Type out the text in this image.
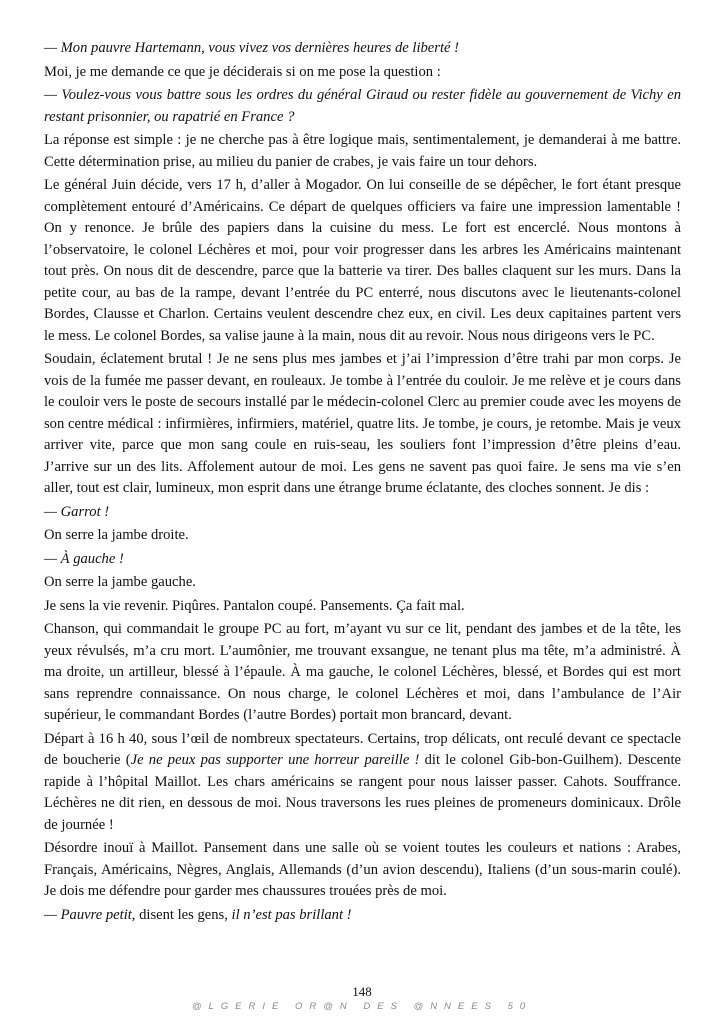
— Mon pauvre Hartemann, vous vivez vos dernières heures de liberté !

Moi, je me demande ce que je déciderais si on me pose la question :

— Voulez-vous vous battre sous les ordres du général Giraud ou rester fidèle au gouvernement de Vichy en restant prisonnier, ou rapatrié en France ?

La réponse est simple : je ne cherche pas à être logique mais, sentimentalement, je demanderai à me battre. Cette détermination prise, au milieu du panier de crabes, je vais faire un tour dehors.

Le général Juin décide, vers 17 h, d’aller à Mogador. On lui conseille de se dépêcher, le fort étant presque complètement entouré d’Américains. Ce départ de quelques officiers va faire une impression lamentable ! On y renonce. Je brûle des papiers dans la cuisine du mess. Le fort est encerclé. Nous montons à l’observatoire, le colonel Léchères et moi, pour voir progresser dans les arbres les Américains maintenant tout près. On nous dit de descendre, parce que la batterie va tirer. Des balles claquent sur les murs. Dans la petite cour, au bas de la rampe, devant l’entrée du PC enterré, nous discutons avec le lieutenants-colonel Bordes, Clausse et Charlon. Certains veulent descendre chez eux, en civil. Les deux capitaines partent vers le mess. Le colonel Bordes, sa valise jaune à la main, nous dit au revoir. Nous nous dirigeons vers le PC.

Soudain, éclatement brutal ! Je ne sens plus mes jambes et j’ai l’impression d’être trahi par mon corps. Je vois de la fumée me passer devant, en rouleaux. Je tombe à l’entrée du couloir. Je me relève et je cours dans le couloir vers le poste de secours installé par le médecin-colonel Clerc au premier coude avec les moyens de son centre médical : infirmières, infirmiers, matériel, quatre lits. Je tombe, je cours, je retombe. Mais je veux arriver vite, parce que mon sang coule en ruis-seau, les souliers font l’impression d’être pleins d’eau. J’arrive sur un des lits. Affolement autour de moi. Les gens ne savent pas quoi faire. Je sens ma vie s’en aller, tout est clair, lumineux, mon esprit dans une étrange brume éclatante, des cloches sonnent. Je dis :

— Garrot !

On serre la jambe droite.

— À gauche !

On serre la jambe gauche.

Je sens la vie revenir. Piqûres. Pantalon coupé. Pansements. Ça fait mal.

Chanson, qui commandait le groupe PC au fort, m’ayant vu sur ce lit, pendant des jambes et de la tête, les yeux révulsés, m’a cru mort. L’aumônier, me trouvant exsangue, ne tenant plus ma tête, m’a administré. À ma droite, un artilleur, blessé à l’épaule. À ma gauche, le colonel Léchères, blessé, et Bordes qui est mort sans reprendre connaissance. On nous charge, le colonel Léchères et moi, dans l’ambulance de l’Air supérieur, le commandant Bordes (l’autre Bordes) portait mon brancard, devant.

Départ à 16 h 40, sous l’œil de nombreux spectateurs. Certains, trop délicats, ont reculé devant ce spectacle de boucherie (Je ne peux pas supporter une horreur pareille ! dit le colonel Gib-bon-Guilhem). Descente rapide à l’hôpital Maillot. Les chars américains se rangent pour nous laisser passer. Cahots. Souffrance. Léchères ne dit rien, en dessous de moi. Nous traversons les rues pleines de promeneurs dominicaux. Drôle de journée !

Désordre inouï à Maillot. Pansement dans une salle où se voient toutes les couleurs et nations : Arabes, Français, Américains, Nègres, Anglais, Allemands (d’un avion descendu), Italiens (d’un sous-marin coulé). Je dois me défendre pour garder mes chaussures trouées près de moi.

— Pauvre petit, disent les gens, il n’est pas brillant !

148
@LGERIE OR@N DES @NNEES 50
